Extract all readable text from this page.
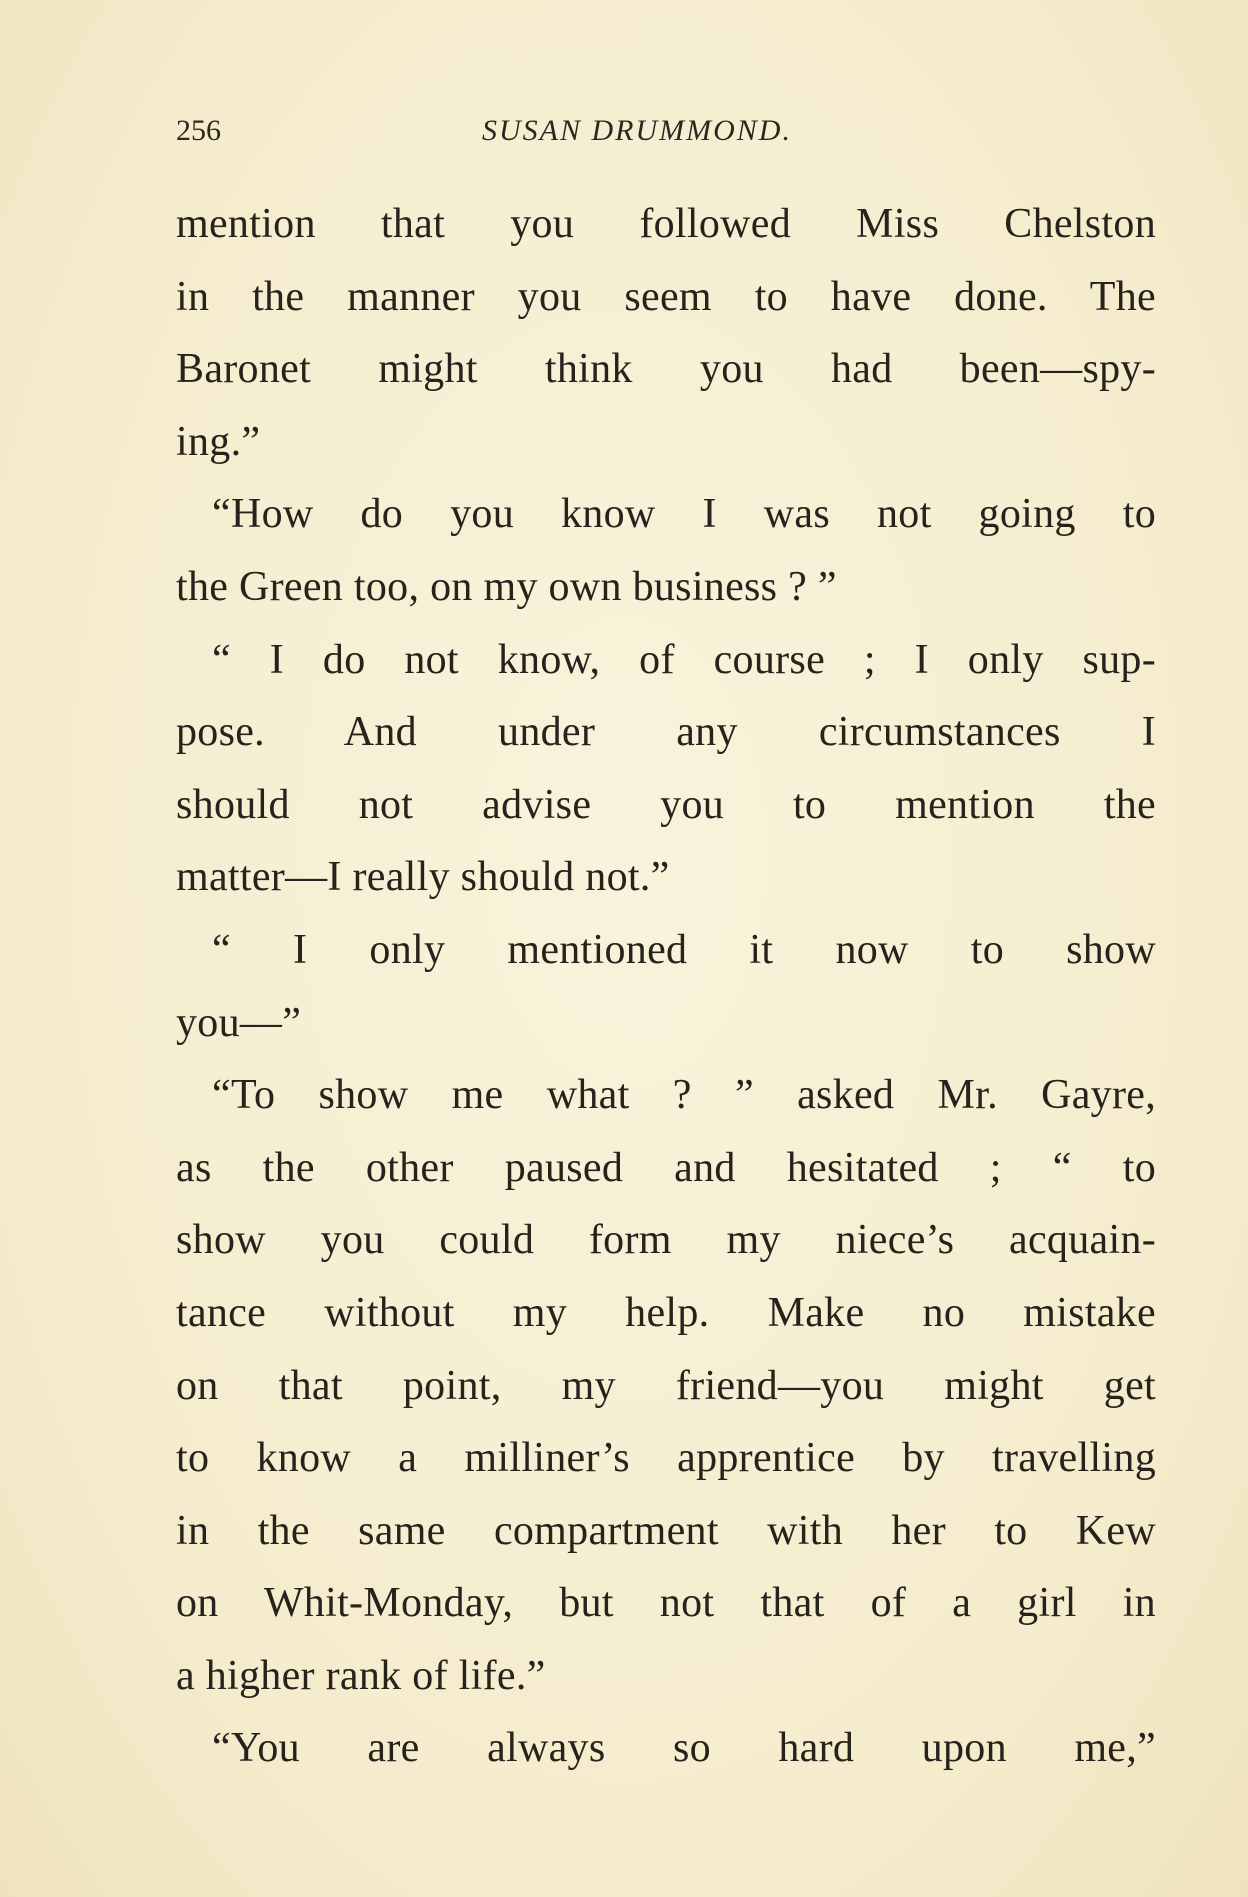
256	SUSAN DRUMMOND.
mention that you followed Miss Chelston
in the manner you seem to have done. The
Baronet might think you had been—spy-
ing.”
“How do you know I was not going to
the Green too, on my own business ? ”
“ I do not know, of course ; I only sup-
pose. And under any circumstances I
should not advise you to mention the
matter—I really should not.”
“ I only mentioned it now to show
you—”
“To show me what ? ” asked Mr. Gayre,
as the other paused and hesitated ; “ to
show you could form my niece’s acquain-
tance without my help. Make no mistake
on that point, my friend—you might get
to know a milliner’s apprentice by travelling
in the same compartment with her to Kew
on Whit-Monday, but not that of a girl in
a higher rank of life.”
“You are always so hard upon me,”
